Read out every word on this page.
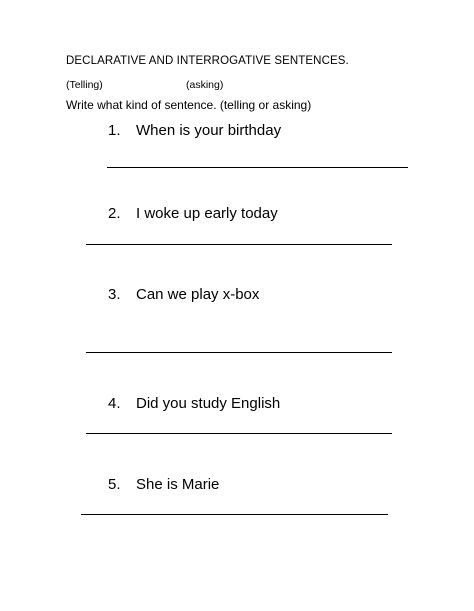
DECLARATIVE AND INTERROGATIVE SENTENCES.
(Telling)	(asking)
Write what kind of sentence. (telling or asking)
1. When is your birthday
2. I woke up early today
3. Can we play x-box
4. Did you study English
5. She is Marie
